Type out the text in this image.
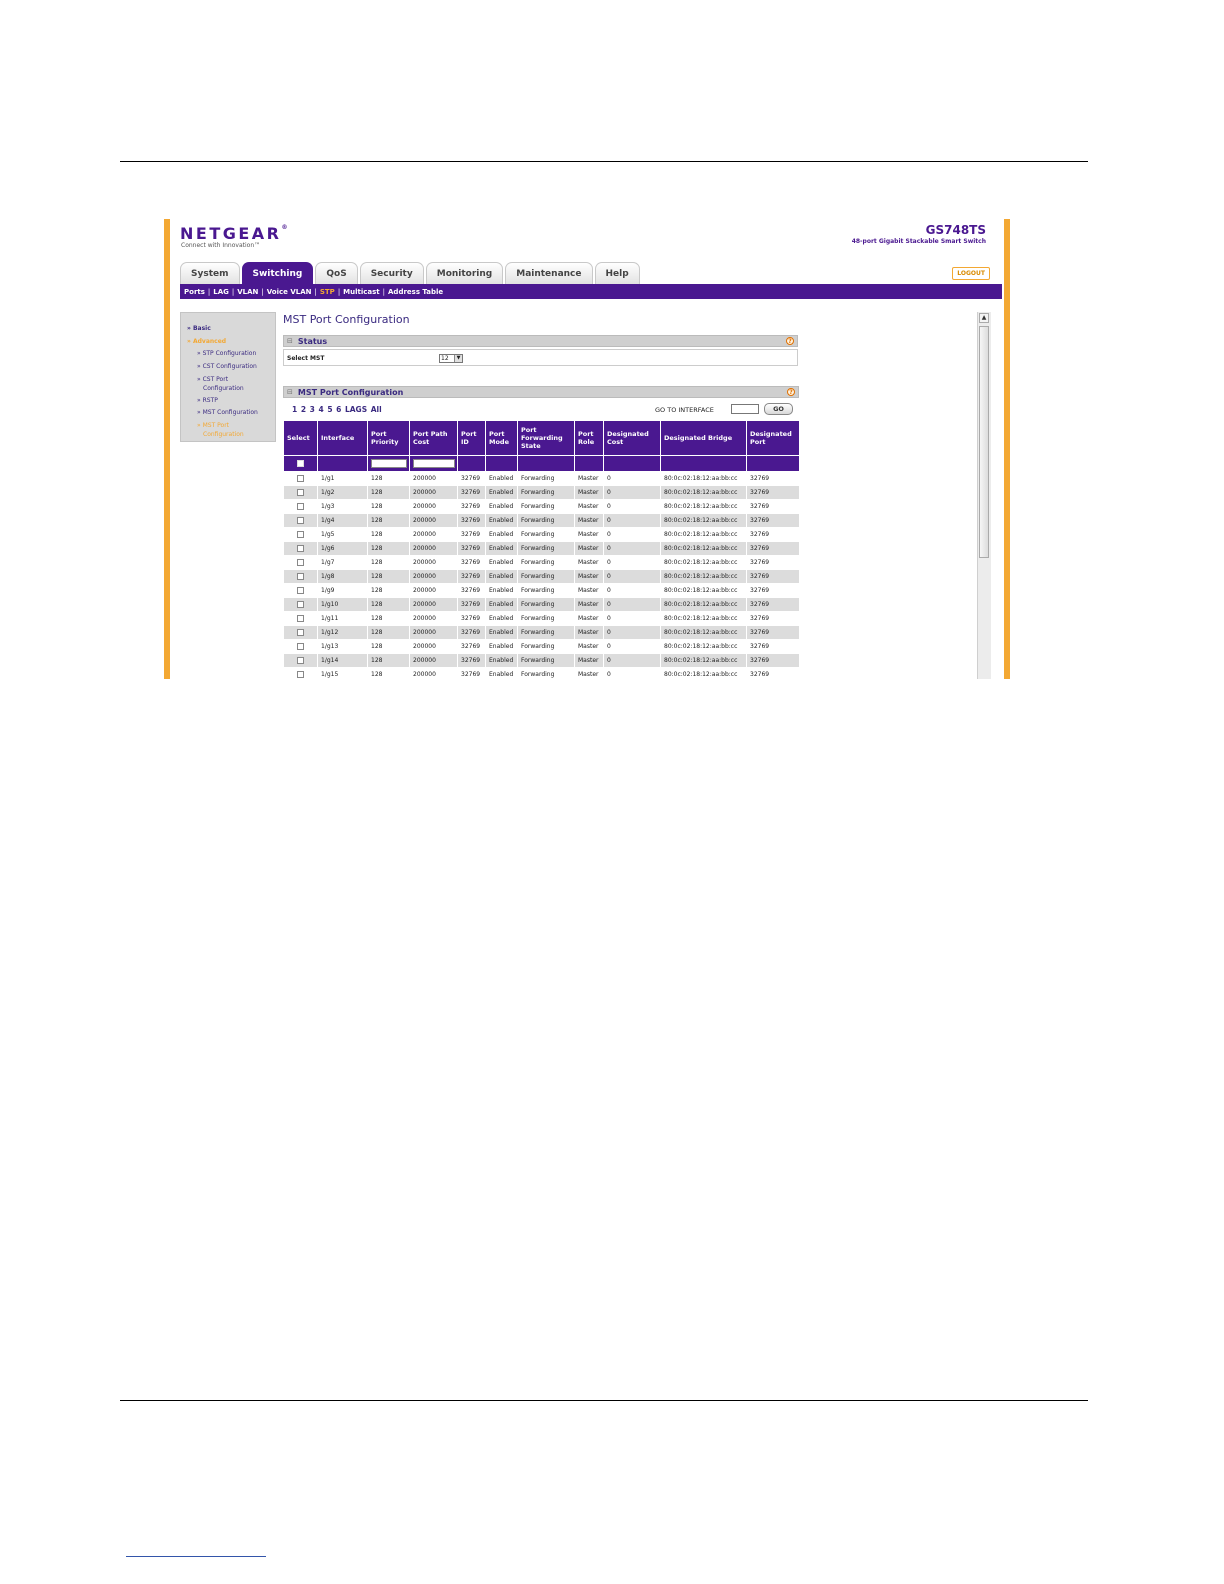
NETGEAR®
Connect with Innovation™
GS748TS
48-port Gigabit Stackable Smart Switch
System	Switching	QoS	Security	Monitoring	Maintenance	Help	LOGOUT
Ports | LAG | VLAN | Voice VLAN | STP | Multicast | Address Table
» Basic
» Advanced
» STP Configuration
» CST Configuration
» CST Port
Configuration
» RSTP
» MST Configuration
» MST Port
Configuration
MST Port Configuration
⊟ Status	?
Select MST	12	▼
⊟ MST Port Configuration	?
1 2 3 4 5 6 LAGS All	GO TO INTERFACE	GO
Select	Interface	Port Priority	Port Path Cost	Port ID	Port Mode	Port Forwarding State	Port Role	Designated Cost	Designated Bridge	Designated Port

	1/g1	128	200000	32769	Enabled	Forwarding	Master	0	80:0c:02:18:12:aa:bb:cc	32769
	1/g2	128	200000	32769	Enabled	Forwarding	Master	0	80:0c:02:18:12:aa:bb:cc	32769
	1/g3	128	200000	32769	Enabled	Forwarding	Master	0	80:0c:02:18:12:aa:bb:cc	32769
	1/g4	128	200000	32769	Enabled	Forwarding	Master	0	80:0c:02:18:12:aa:bb:cc	32769
	1/g5	128	200000	32769	Enabled	Forwarding	Master	0	80:0c:02:18:12:aa:bb:cc	32769
	1/g6	128	200000	32769	Enabled	Forwarding	Master	0	80:0c:02:18:12:aa:bb:cc	32769
	1/g7	128	200000	32769	Enabled	Forwarding	Master	0	80:0c:02:18:12:aa:bb:cc	32769
	1/g8	128	200000	32769	Enabled	Forwarding	Master	0	80:0c:02:18:12:aa:bb:cc	32769
	1/g9	128	200000	32769	Enabled	Forwarding	Master	0	80:0c:02:18:12:aa:bb:cc	32769
	1/g10	128	200000	32769	Enabled	Forwarding	Master	0	80:0c:02:18:12:aa:bb:cc	32769
	1/g11	128	200000	32769	Enabled	Forwarding	Master	0	80:0c:02:18:12:aa:bb:cc	32769
	1/g12	128	200000	32769	Enabled	Forwarding	Master	0	80:0c:02:18:12:aa:bb:cc	32769
	1/g13	128	200000	32769	Enabled	Forwarding	Master	0	80:0c:02:18:12:aa:bb:cc	32769
	1/g14	128	200000	32769	Enabled	Forwarding	Master	0	80:0c:02:18:12:aa:bb:cc	32769
	1/g15	128	200000	32769	Enabled	Forwarding	Master	0	80:0c:02:18:12:aa:bb:cc	32769
▲
